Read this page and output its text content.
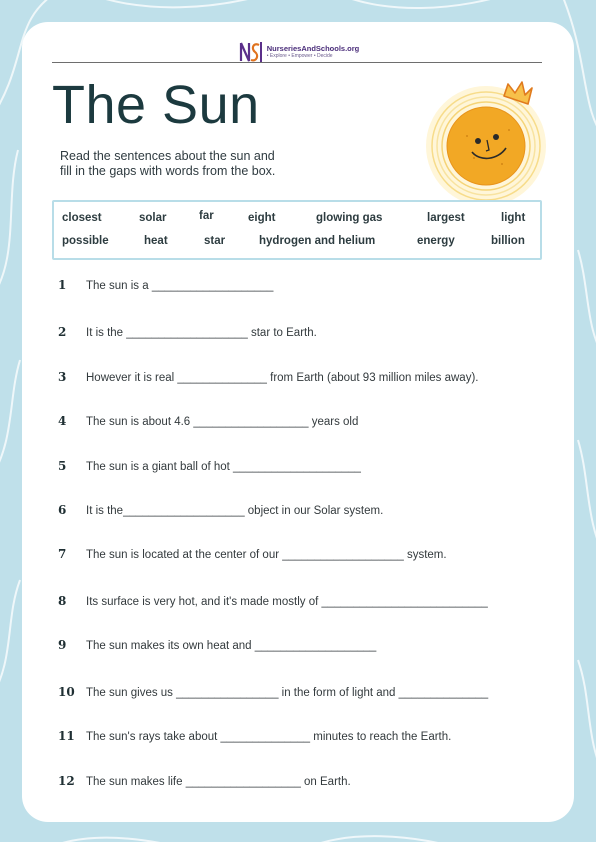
NurseriesAndSchools.org
• Explore • Empower • Decide
The Sun
Read the sentences about the sun and
fill in the gaps with words from the box.
closest	solar	far	eight	glowing gas	largest	light
possible	heat	star	hydrogen and helium	energy	billion
1 The sun is a ___________________
2 It is the ___________________ star to Earth.
3 However it is real ______________ from Earth (about 93 million miles away).
4 The sun is about 4.6 __________________ years old
5 The sun is a giant ball of hot ____________________
6 It is the___________________ object in our Solar system.
7 The sun is located at the center of our ___________________ system.
8 Its surface is very hot, and it's made mostly of __________________________
9 The sun makes its own heat and ___________________
10 The sun gives us ________________ in the form of light and ______________
11 The sun's rays take about ______________ minutes to reach the Earth.
12 The sun makes life __________________ on Earth.
